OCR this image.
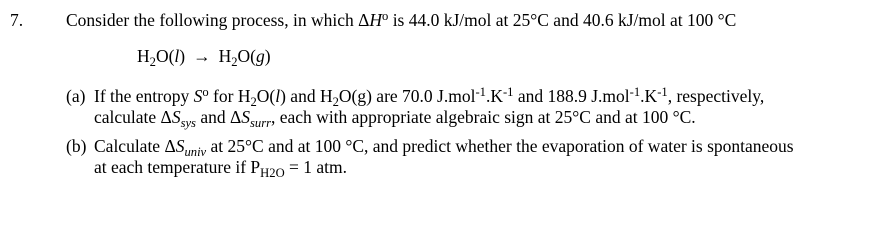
7. Consider the following process, in which $\Delta H^o$ is 44.0 kJ/mol at 25°C and 40.6 kJ/mol at 100 °C
$H_2O(l) \to H_2O(g)$
(a) If the entropy $S^o$ for $H_2O(l)$ and $H_2O(g)$ are 70.0 $J.mol^{-1}.K^{-1}$ and 188.9 $J.mol^{-1}.K^{-1}$, respectively,
calculate $\Delta S_{sys}$ and $\Delta S_{surr}$, each with appropriate algebraic sign at 25°C and at 100 °C.
(b) Calculate $\Delta S_{univ}$ at 25°C and at 100 °C, and predict whether the evaporation of water is spontaneous
at each temperature if $P_{H2O} = 1$ atm.
